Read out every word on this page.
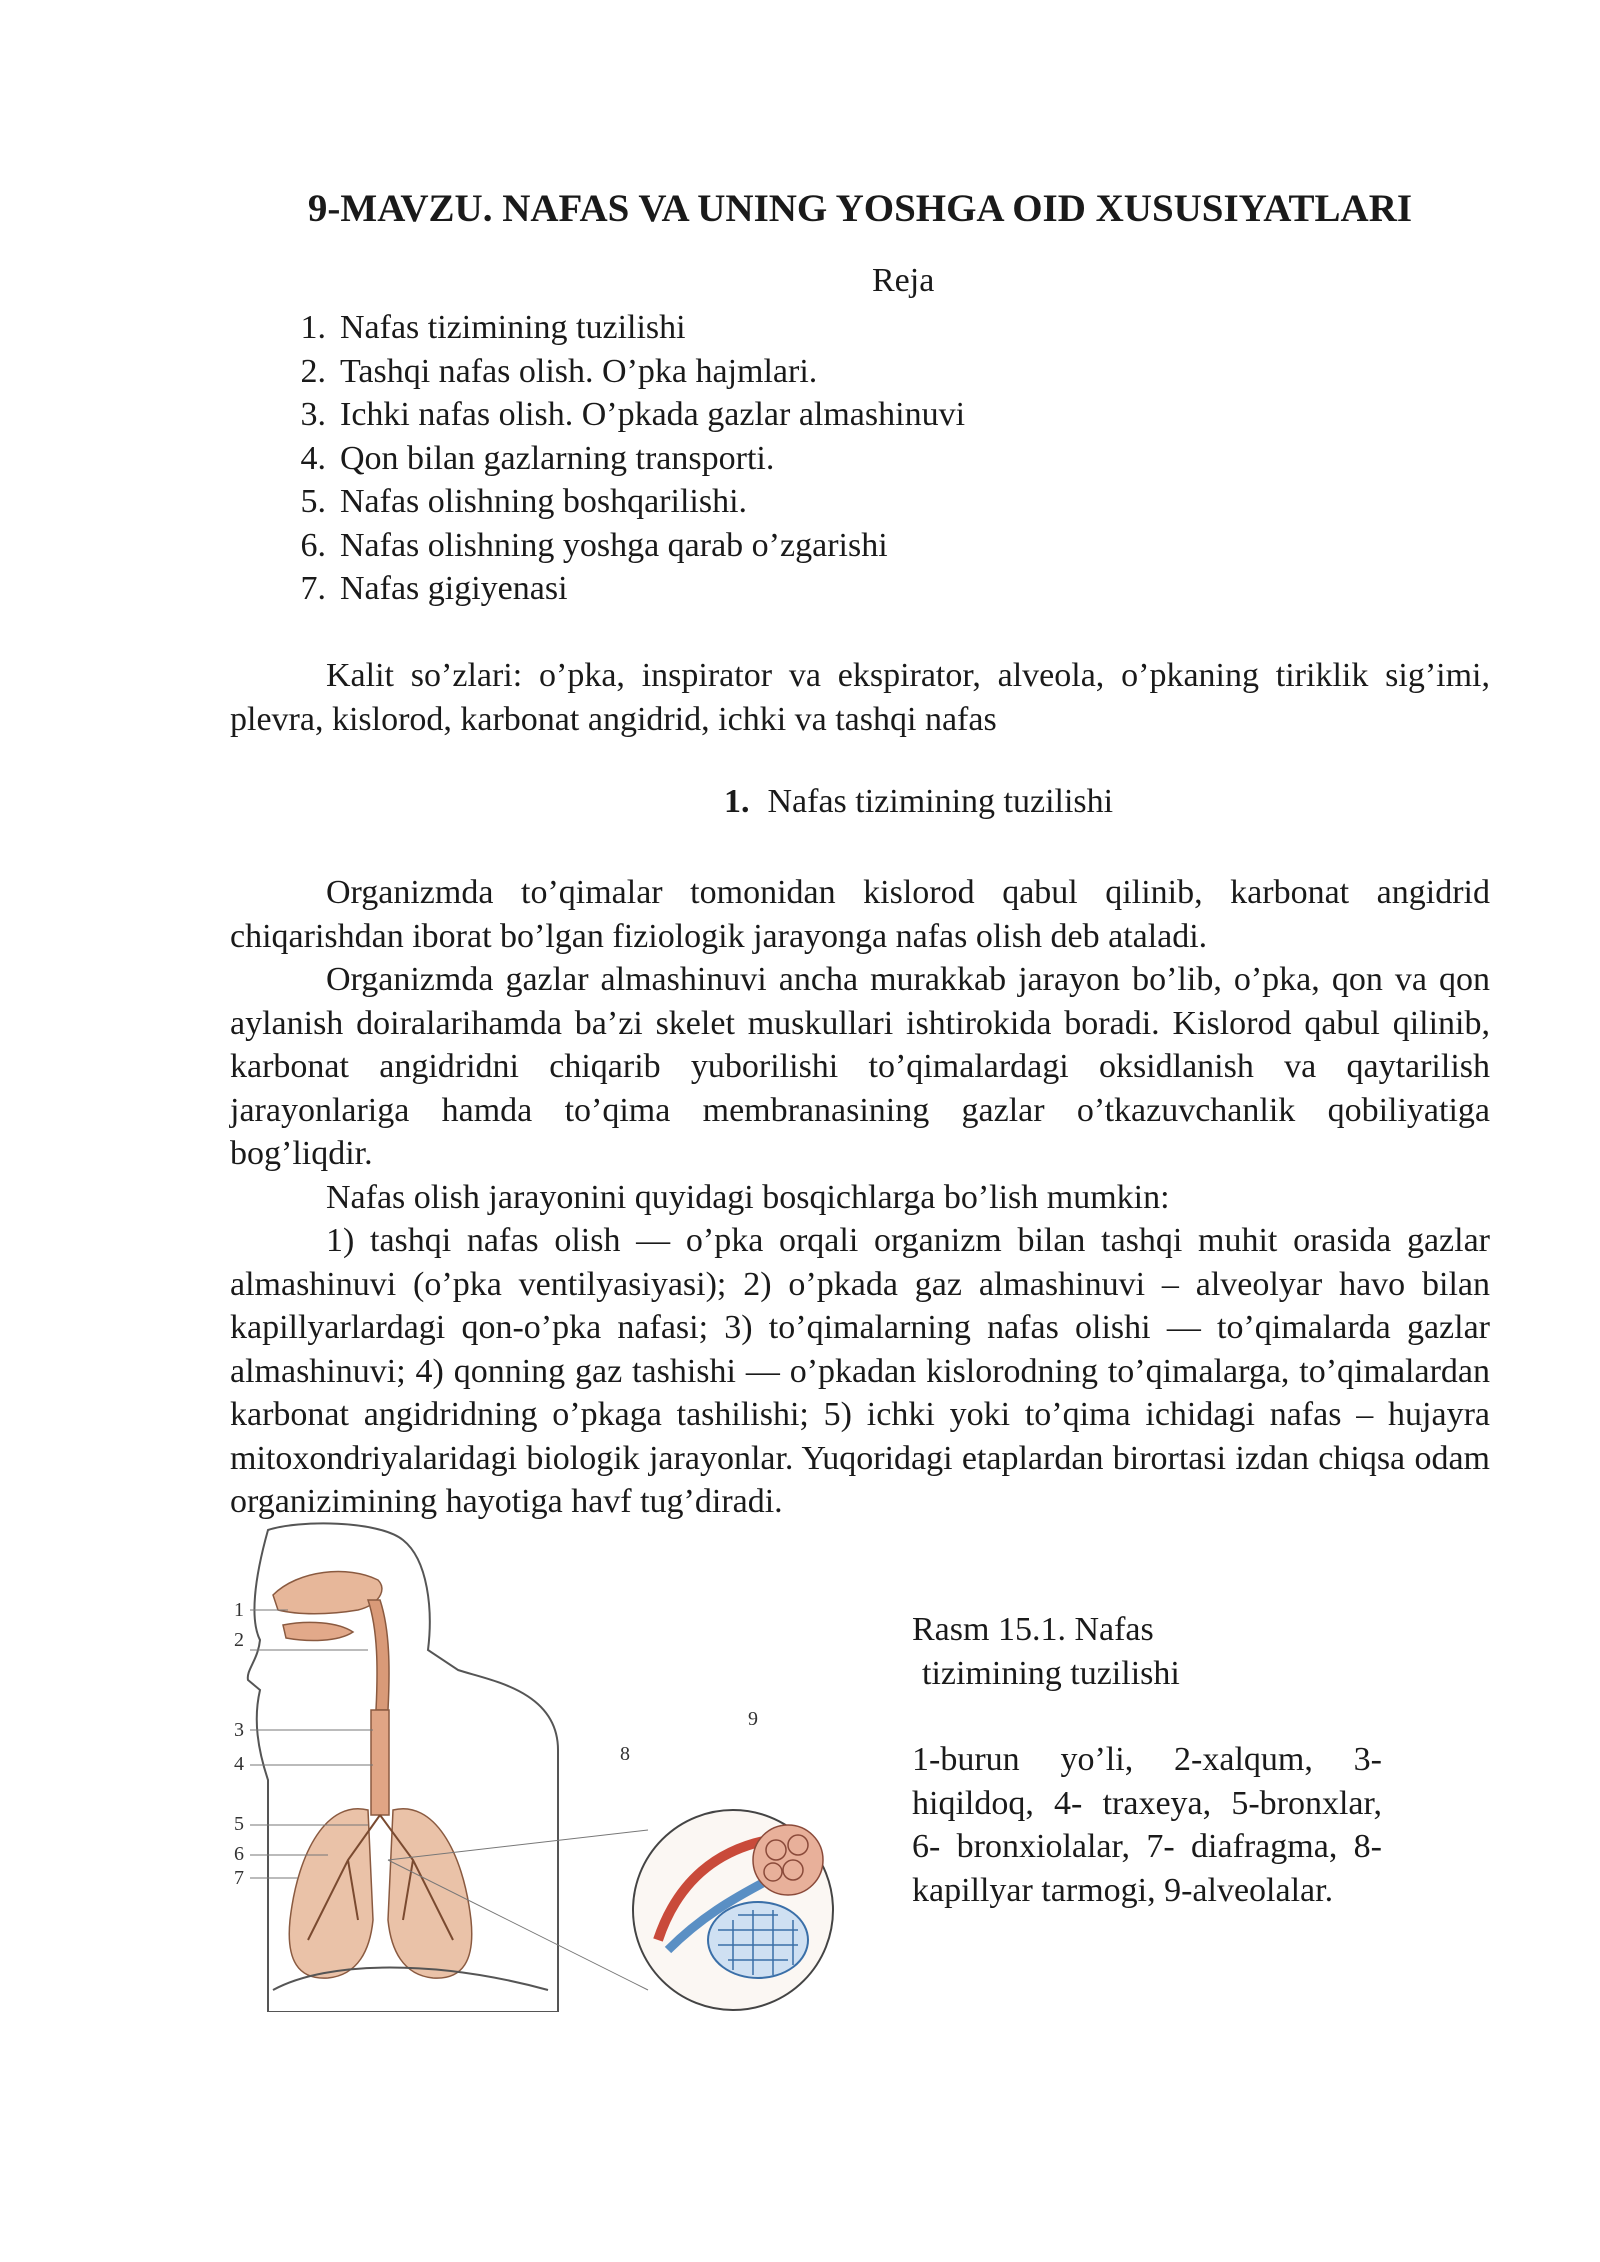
9-MAVZU. NAFAS VA UNING YOSHGA OID XUSUSIYATLARI
Reja
1. Nafas tizimining tuzilishi
2. Tashqi nafas olish. O’pka hajmlari.
3. Ichki nafas olish. O’pkada gazlar almashinuvi
4. Qon bilan gazlarning transporti.
5. Nafas olishning boshqarilishi.
6. Nafas olishning yoshga qarab o’zgarishi
7. Nafas gigiyenasi

Kalit so’zlari: o’pka, inspirator va ekspirator, alveola, o’pkaning tiriklik sig’imi, plevra, kislorod, karbonat angidrid, ichki va tashqi nafas

1. Nafas tizimining tuzilishi

Organizmda to’qimalar tomonidan kislorod qabul qilinib, karbonat angidrid chiqarishdan iborat bo’lgan fiziologik jarayonga nafas olish deb ataladi.

Organizmda gazlar almashinuvi ancha murakkab jarayon bo’lib, o’pka, qon va qon aylanish doiralarihamda ba’zi skelet muskullari ishtirokida boradi. Kislorod qabul qilinib, karbonat angidridni chiqarib yuborilishi to’qimalardagi oksidlanish va qaytarilish jarayonlariga hamda to’qima membranasining gazlar o’tkazuvchanlik qobiliyatiga bog’liqdir.

Nafas olish jarayonini quyidagi bosqichlarga bo’lish mumkin:

1) tashqi nafas olish — o’pka orqali organizm bilan tashqi muhit orasida gazlar almashinuvi (o’pka ventilyasiyasi); 2) o’pkada gaz almashinuvi – alveolyar havo bilan kapillyarlardagi qon-o’pka nafasi; 3) to’qimalarning nafas olishi — to’qimalarda gazlar almashinuvi; 4) qonning gaz tashishi — o’pkadan kislorodning to’qimalarga, to’qimalardan karbonat angidridning o’pkaga tashilishi; 5) ichki yoki to’qima ichidagi nafas – hujayra mitoxondriyalaridagi biologik jarayonlar. Yuqoridagi etaplardan birortasi izdan chiqsa odam organizimining hayotiga havf tug’diradi.

1
2
3
4
5
6
7
8
9
Rasm 15.1. Nafas
tizimining tuzilishi
1-burun yo’li, 2-xalqum, 3-hiqildoq, 4- traxeya, 5-bronxlar, 6- bronxiolalar, 7- diafragma, 8-kapillyar tarmogi, 9-alveolalar.
